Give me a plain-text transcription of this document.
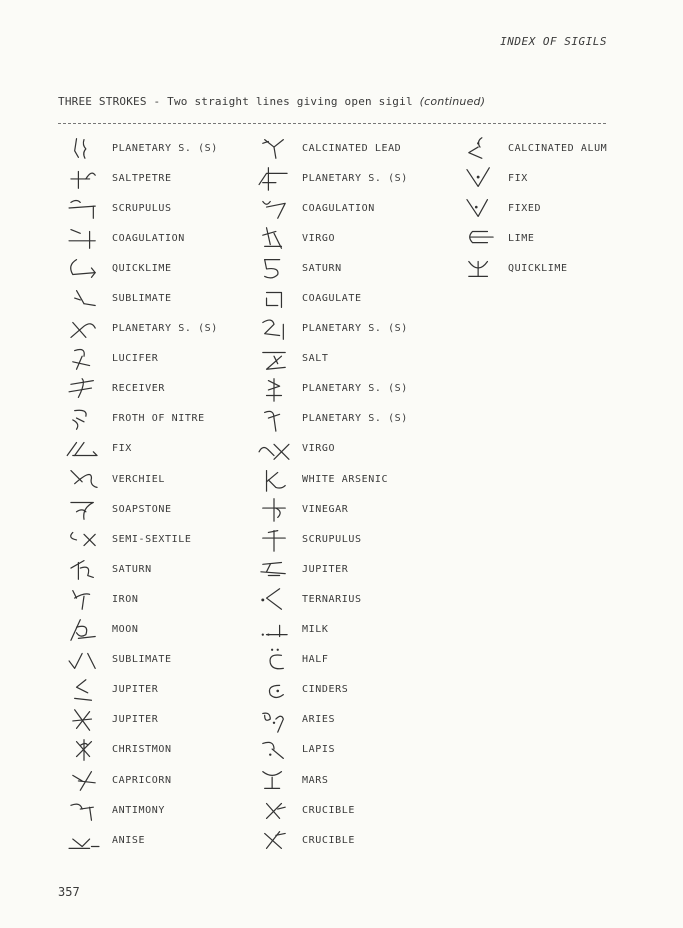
INDEX OF SIGILS
THREE STROKES - Two straight lines giving open sigil (continued)
PLANETARY S. (S)
SALTPETRE
SCRUPULUS
COAGULATION
QUICKLIME
SUBLIMATE
PLANETARY S. (S)
LUCIFER
RECEIVER
FROTH OF NITRE
FIX
VERCHIEL
SOAPSTONE
SEMI-SEXTILE
SATURN
IRON
MOON
SUBLIMATE
JUPITER
JUPITER
CHRISTMON
CAPRICORN
ANTIMONY
ANISE
CALCINATED LEAD
PLANETARY S. (S)
COAGULATION
VIRGO
SATURN
COAGULATE
PLANETARY S. (S)
SALT
PLANETARY S. (S)
PLANETARY S. (S)
VIRGO
WHITE ARSENIC
VINEGAR
SCRUPULUS
JUPITER
TERNARIUS
MILK
HALF
CINDERS
ARIES
LAPIS
MARS
CRUCIBLE
CRUCIBLE
CALCINATED ALUM
FIX
FIXED
LIME
QUICKLIME
357
